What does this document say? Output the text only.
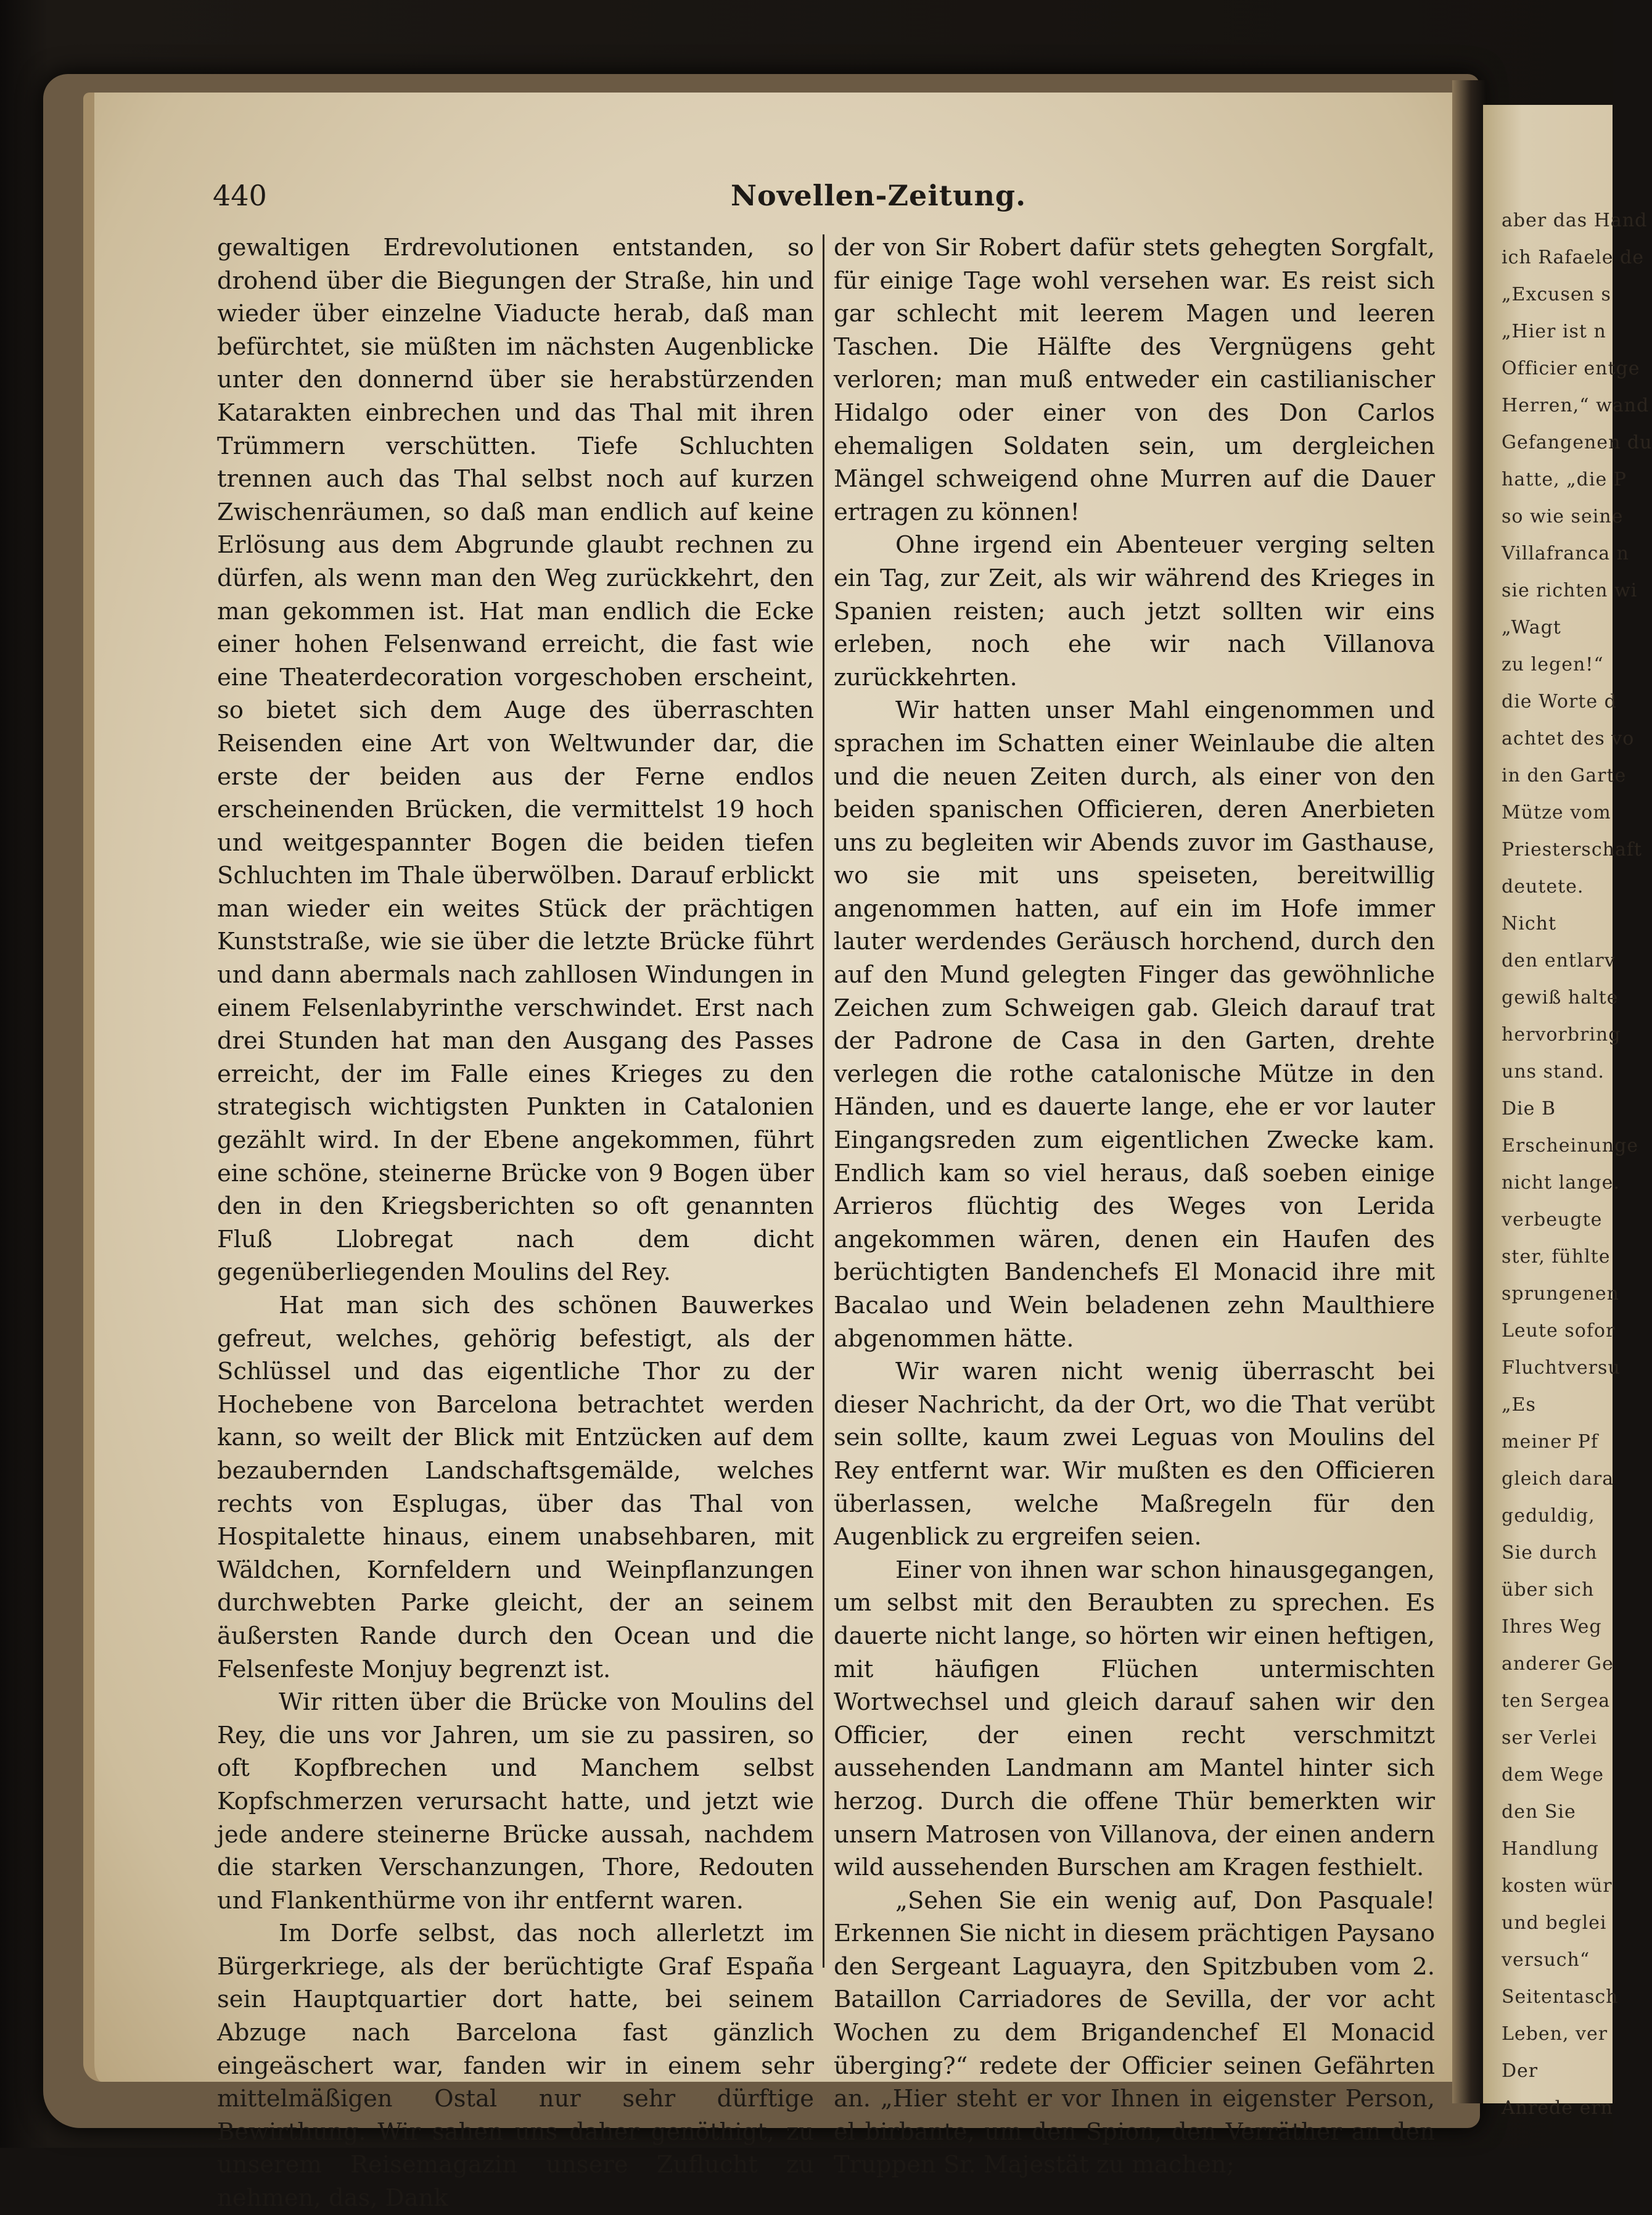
aber das Hand
ich Rafaele de
„Excusen s
„Hier ist n
Officier entge
Herren,“ wand
Gefangenen du
hatte, „die P
so wie seine
Villafranca n
sie richten wi
„Wagt
zu legen!“
die Worte d
achtet des vo
in den Garte
Mütze vom
Priesterschaft
deutete.
Nicht
den entlarv
gewiß halte
hervorbring
uns stand.
Die B
Erscheinunge
nicht lange.
verbeugte
ster, fühlte
sprungenen
Leute sofor
Fluchtversu
„Es
meiner Pf
gleich dara
geduldig,
Sie durch
über sich
Ihres Weg
anderer Ge
ten Sergea
ser Verlei
dem Wege
den Sie
Handlung
kosten wür
und beglei
versuch“
Seitentasch
Leben, ver
Der
Anrede ern
440	Novellen-Zeitung.

gewaltigen Erdrevolutionen entstanden, so drohend über die Biegungen der Straße, hin und wieder über einzelne Viaducte herab, daß man befürchtet, sie müßten im nächsten Augenblicke unter den donnernd über sie herabstürzenden Katarakten einbrechen und das Thal mit ihren Trümmern verschütten. Tiefe Schluchten trennen auch das Thal selbst noch auf kurzen Zwischenräumen, so daß man endlich auf keine Erlösung aus dem Abgrunde glaubt rechnen zu dürfen, als wenn man den Weg zurückkehrt, den man gekommen ist. Hat man endlich die Ecke einer hohen Felsenwand erreicht, die fast wie eine Theaterdecoration vorgeschoben erscheint, so bietet sich dem Auge des überraschten Reisenden eine Art von Weltwunder dar, die erste der beiden aus der Ferne endlos erscheinenden Brücken, die vermittelst 19 hoch und weitgespannter Bogen die beiden tiefen Schluchten im Thale überwölben. Darauf erblickt man wieder ein weites Stück der prächtigen Kunststraße, wie sie über die letzte Brücke führt und dann abermals nach zahllosen Windungen in einem Felsenlabyrinthe verschwindet. Erst nach drei Stunden hat man den Ausgang des Passes erreicht, der im Falle eines Krieges zu den strategisch wichtigsten Punkten in Catalonien gezählt wird. In der Ebene angekommen, führt eine schöne, steinerne Brücke von 9 Bogen über den in den Kriegsberichten so oft genannten Fluß Llobregat nach dem dicht gegenüberliegenden Moulins del Rey.

Hat man sich des schönen Bauwerkes gefreut, welches, gehörig befestigt, als der Schlüssel und das eigentliche Thor zu der Hochebene von Barcelona betrachtet werden kann, so weilt der Blick mit Entzücken auf dem bezaubernden Landschaftsgemälde, welches rechts von Esplugas, über das Thal von Hospitalette hinaus, einem unabsehbaren, mit Wäldchen, Kornfeldern und Weinpflanzungen durchwebten Parke gleicht, der an seinem äußersten Rande durch den Ocean und die Felsenfeste Monjuy begrenzt ist.

Wir ritten über die Brücke von Moulins del Rey, die uns vor Jahren, um sie zu passiren, so oft Kopfbrechen und Manchem selbst Kopfschmerzen verursacht hatte, und jetzt wie jede andere steinerne Brücke aussah, nachdem die starken Verschanzungen, Thore, Redouten und Flankenthürme von ihr entfernt waren.

Im Dorfe selbst, das noch allerletzt im Bürgerkriege, als der berüchtigte Graf España sein Hauptquartier dort hatte, bei seinem Abzuge nach Barcelona fast gänzlich eingeäschert war, fanden wir in einem sehr mittelmäßigen Ostal nur sehr dürftige Bewirthung. Wir sahen uns daher genöthigt, zu unserem Reisemagazin unsere Zuflucht zu nehmen, das, Dank

der von Sir Robert dafür stets gehegten Sorgfalt, für einige Tage wohl versehen war. Es reist sich gar schlecht mit leerem Magen und leeren Taschen. Die Hälfte des Vergnügens geht verloren; man muß entweder ein castilianischer Hidalgo oder einer von des Don Carlos ehemaligen Soldaten sein, um dergleichen Mängel schweigend ohne Murren auf die Dauer ertragen zu können!

Ohne irgend ein Abenteuer verging selten ein Tag, zur Zeit, als wir während des Krieges in Spanien reisten; auch jetzt sollten wir eins erleben, noch ehe wir nach Villanova zurückkehrten.

Wir hatten unser Mahl eingenommen und sprachen im Schatten einer Weinlaube die alten und die neuen Zeiten durch, als einer von den beiden spanischen Officieren, deren Anerbieten uns zu begleiten wir Abends zuvor im Gasthause, wo sie mit uns speiseten, bereitwillig angenommen hatten, auf ein im Hofe immer lauter werdendes Geräusch horchend, durch den auf den Mund gelegten Finger das gewöhnliche Zeichen zum Schweigen gab. Gleich darauf trat der Padrone de Casa in den Garten, drehte verlegen die rothe catalonische Mütze in den Händen, und es dauerte lange, ehe er vor lauter Eingangsreden zum eigentlichen Zwecke kam. Endlich kam so viel heraus, daß soeben einige Arrieros flüchtig des Weges von Lerida angekommen wären, denen ein Haufen des berüchtigten Bandenchefs El Monacid ihre mit Bacalao und Wein beladenen zehn Maulthiere abgenommen hätte.

Wir waren nicht wenig überrascht bei dieser Nachricht, da der Ort, wo die That verübt sein sollte, kaum zwei Leguas von Moulins del Rey entfernt war. Wir mußten es den Officieren überlassen, welche Maßregeln für den Augenblick zu ergreifen seien.

Einer von ihnen war schon hinausgegangen, um selbst mit den Beraubten zu sprechen. Es dauerte nicht lange, so hörten wir einen heftigen, mit häufigen Flüchen untermischten Wortwechsel und gleich darauf sahen wir den Officier, der einen recht verschmitzt aussehenden Landmann am Mantel hinter sich herzog. Durch die offene Thür bemerkten wir unsern Matrosen von Villanova, der einen andern wild aussehenden Burschen am Kragen festhielt.

„Sehen Sie ein wenig auf, Don Pasquale! Erkennen Sie nicht in diesem prächtigen Paysano den Sergeant Laguayra, den Spitzbuben vom 2. Bataillon Carriadores de Sevilla, der vor acht Wochen zu dem Brigandenchef El Monacid überging?“ redete der Officier seinen Gefährten an. „Hier steht er vor Ihnen in eigenster Person, el birbante, um den Spion, den Verräther an den Truppen Sr. Majestät zu machen;
